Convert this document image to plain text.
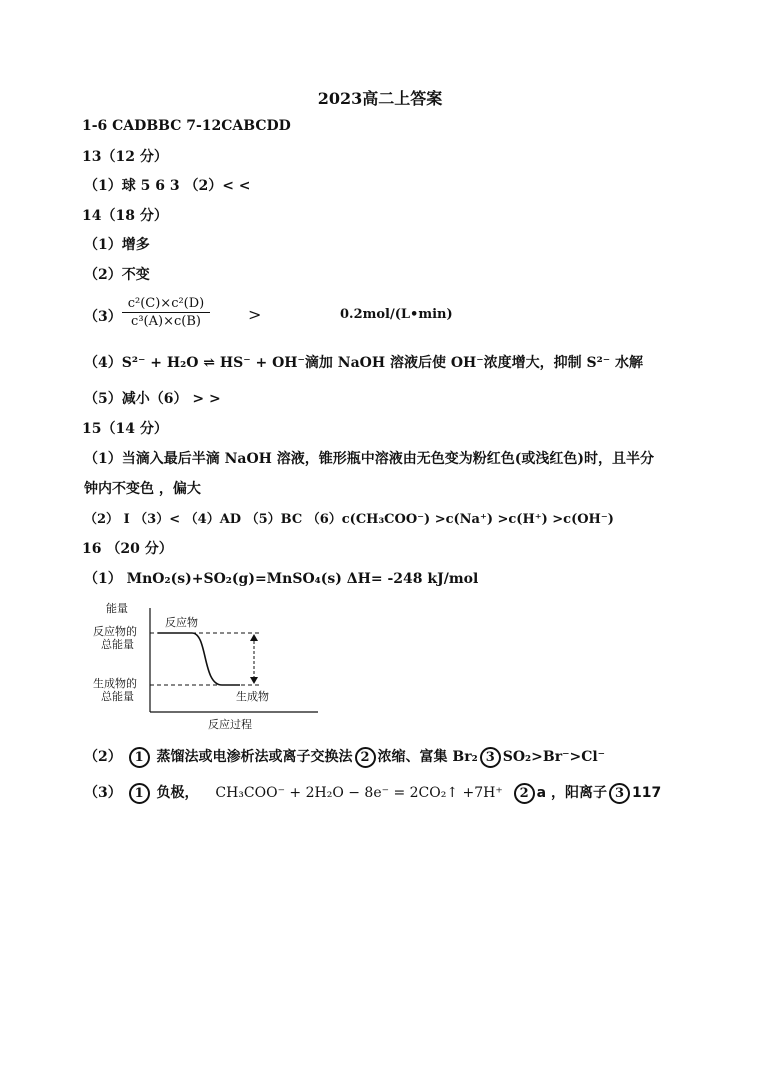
2023高二上答案
1-6 CADBBC 7-12CABCDD
13（12 分）
（1）球 5 6 3 （2）< <
14（18 分）
（1）增多
（2）不变
$(3) \frac{\text{c²(C)×c²(D)}}{\text{c³(A)×c(B)}}$ >	0.2mol/(L•min)
（4）S²⁻ + H₂O ⇌ HS⁻ + OH⁻滴加 NaOH 溶液后使 OH⁻浓度增大，抑制 S²⁻ 水解
（5）减小（6） > >
15（14 分）
（1）当滴入最后半滴 NaOH 溶液，锥形瓶中溶液由无色变为粉红色(或浅红色)时，且半分
钟内不变色 ，偏大
（2） I （3）< （4）AD （5）BC （6）c(CH₃COO⁻) >c(Na⁺) >c(H⁺) >c(OH⁻)
16 （20 分）
（1） MnO₂(s)+SO₂(g)=MnSO₄(s) ΔH= -248 kJ/mol
能量
反应过程
反应物
生成物
反应物的
总能量
生成物的
总能量
（2） 1 蒸馏法或电渗析法或离子交换法 2 浓缩、富集 Br₂ 3 SO₂>Br⁻>Cl⁻
（3） 1 负极， CH₃COO⁻ + 2H₂O − 8e⁻ = 2CO₂↑ +7H⁺ 2 a ，阳离子 3 117
